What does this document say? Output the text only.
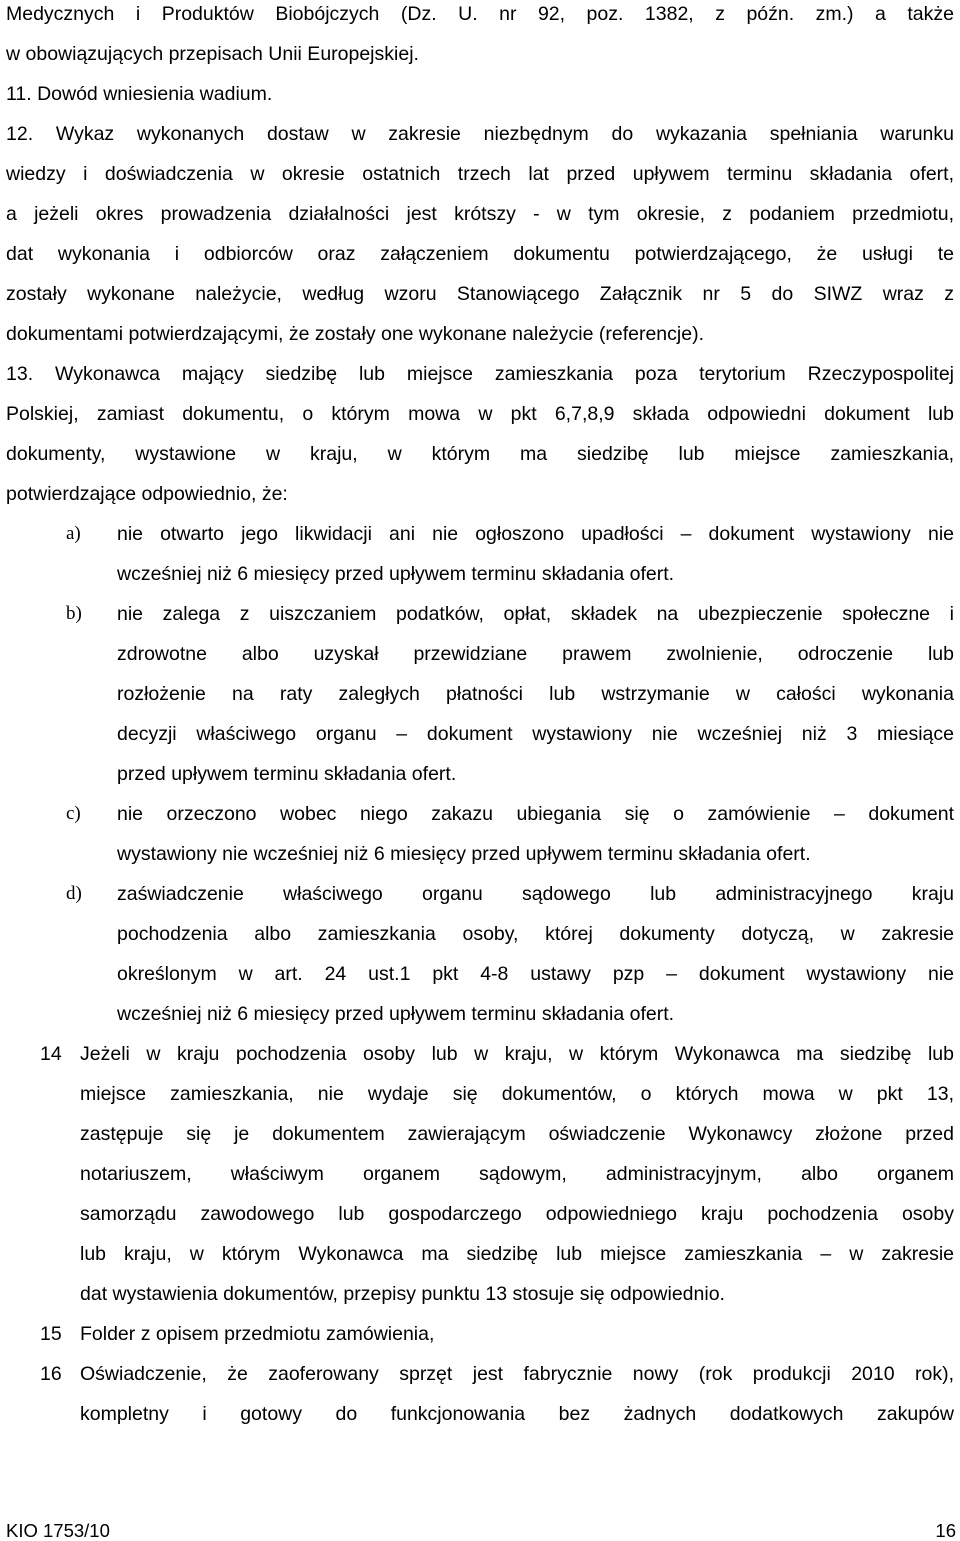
Medycznych i Produktów Biobójczych (Dz. U. nr 92, poz. 1382, z późn. zm.) a także
w obowiązujących przepisach Unii Europejskiej.
11. Dowód wniesienia wadium.
12. Wykaz wykonanych dostaw w zakresie niezbędnym do wykazania spełniania warunku
wiedzy i doświadczenia w okresie ostatnich trzech lat przed upływem terminu składania ofert,
a jeżeli okres prowadzenia działalności jest krótszy - w tym okresie, z podaniem przedmiotu,
dat wykonania i odbiorców oraz załączeniem dokumentu potwierdzającego, że usługi te
zostały wykonane należycie, według wzoru Stanowiącego Załącznik nr 5 do SIWZ wraz z
dokumentami potwierdzającymi, że zostały one wykonane należycie (referencje).
13. Wykonawca mający siedzibę lub miejsce zamieszkania poza terytorium Rzeczypospolitej
Polskiej, zamiast dokumentu, o którym mowa w pkt 6,7,8,9 składa odpowiedni dokument lub
dokumenty, wystawione w kraju, w którym ma siedzibę lub miejsce zamieszkania,
potwierdzające odpowiednio, że:
a) nie otwarto jego likwidacji ani nie ogłoszono upadłości – dokument wystawiony nie
wcześniej niż 6 miesięcy przed upływem terminu składania ofert.
b) nie zalega z uiszczaniem podatków, opłat, składek na ubezpieczenie społeczne i
zdrowotne albo uzyskał przewidziane prawem zwolnienie, odroczenie lub
rozłożenie na raty zaległych płatności lub wstrzymanie w całości wykonania
decyzji właściwego organu – dokument wystawiony nie wcześniej niż 3 miesiące
przed upływem terminu składania ofert.
c) nie orzeczono wobec niego zakazu ubiegania się o zamówienie – dokument
wystawiony nie wcześniej niż 6 miesięcy przed upływem terminu składania ofert.
d) zaświadczenie właściwego organu sądowego lub administracyjnego kraju
pochodzenia albo zamieszkania osoby, której dokumenty dotyczą, w zakresie
określonym w art. 24 ust.1 pkt 4-8 ustawy pzp – dokument wystawiony nie
wcześniej niż 6 miesięcy przed upływem terminu składania ofert.
14 Jeżeli w kraju pochodzenia osoby lub w kraju, w którym Wykonawca ma siedzibę lub
miejsce zamieszkania, nie wydaje się dokumentów, o których mowa w pkt 13,
zastępuje się je dokumentem zawierającym oświadczenie Wykonawcy złożone przed
notariuszem, właściwym organem sądowym, administracyjnym, albo organem
samorządu zawodowego lub gospodarczego odpowiedniego kraju pochodzenia osoby
lub kraju, w którym Wykonawca ma siedzibę lub miejsce zamieszkania – w zakresie
dat wystawienia dokumentów, przepisy punktu 13 stosuje się odpowiednio.
15 Folder z opisem przedmiotu zamówienia,
16 Oświadczenie, że zaoferowany sprzęt jest fabrycznie nowy (rok produkcji 2010 rok),
kompletny i gotowy do funkcjonowania bez żadnych dodatkowych zakupów
KIO 1753/10	16
